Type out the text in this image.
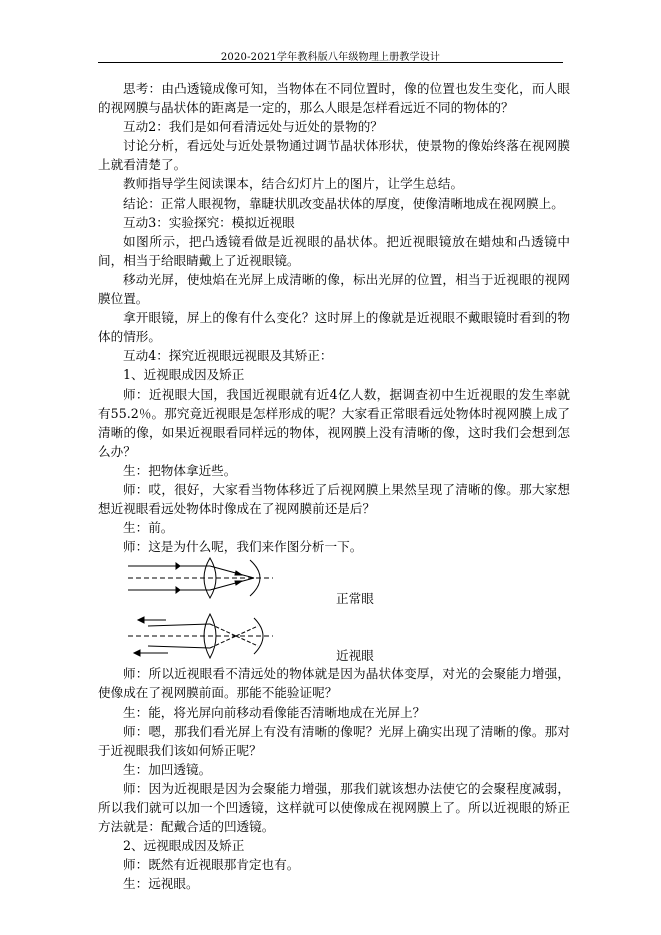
2020-2021学年教科版八年级物理上册教学设计

思考：由凸透镜成像可知，当物体在不同位置时，像的位置也发生变化，而人眼的视网膜与晶状体的距离是一定的，那么人眼是怎样看远近不同的物体的？

互动2：我们是如何看清远处与近处的景物的？

讨论分析，看远处与近处景物通过调节晶状体形状，使景物的像始终落在视网膜上就看清楚了。

教师指导学生阅读课本，结合幻灯片上的图片，让学生总结。

结论：正常人眼视物，靠睫状肌改变晶状体的厚度，使像清晰地成在视网膜上。

互动3：实验探究：模拟近视眼

如图所示，把凸透镜看做是近视眼的晶状体。把近视眼镜放在蜡烛和凸透镜中间，相当于给眼睛戴上了近视眼镜。

移动光屏，使烛焰在光屏上成清晰的像，标出光屏的位置，相当于近视眼的视网膜位置。

拿开眼镜，屏上的像有什么变化？这时屏上的像就是近视眼不戴眼镜时看到的物体的情形。

互动4：探究近视眼远视眼及其矫正：

1、近视眼成因及矫正

师：近视眼大国，我国近视眼就有近4亿人数，据调查初中生近视眼的发生率就有55.2％。那究竟近视眼是怎样形成的呢？大家看正常眼看远处物体时视网膜上成了清晰的像，如果近视眼看同样远的物体，视网膜上没有清晰的像，这时我们会想到怎么办？

生：把物体拿近些。

师：哎，很好，大家看当物体移近了后视网膜上果然呈现了清晰的像。那大家想想近视眼看远处物体时像成在了视网膜前还是后？

生：前。

师：这是为什么呢，我们来作图分析一下。

正常眼
近视眼

师：所以近视眼看不清远处的物体就是因为晶状体变厚，对光的会聚能力增强，使像成在了视网膜前面。那能不能验证呢？

生：能，将光屏向前移动看像能否清晰地成在光屏上？

师：嗯，那我们看光屏上有没有清晰的像呢？光屏上确实出现了清晰的像。那对于近视眼我们该如何矫正呢？

生：加凹透镜。

师：因为近视眼是因为会聚能力增强，那我们就该想办法使它的会聚程度减弱，所以我们就可以加一个凹透镜，这样就可以使像成在视网膜上了。所以近视眼的矫正方法就是：配戴合适的凹透镜。

2、远视眼成因及矫正

师：既然有近视眼那肯定也有。

生：远视眼。
